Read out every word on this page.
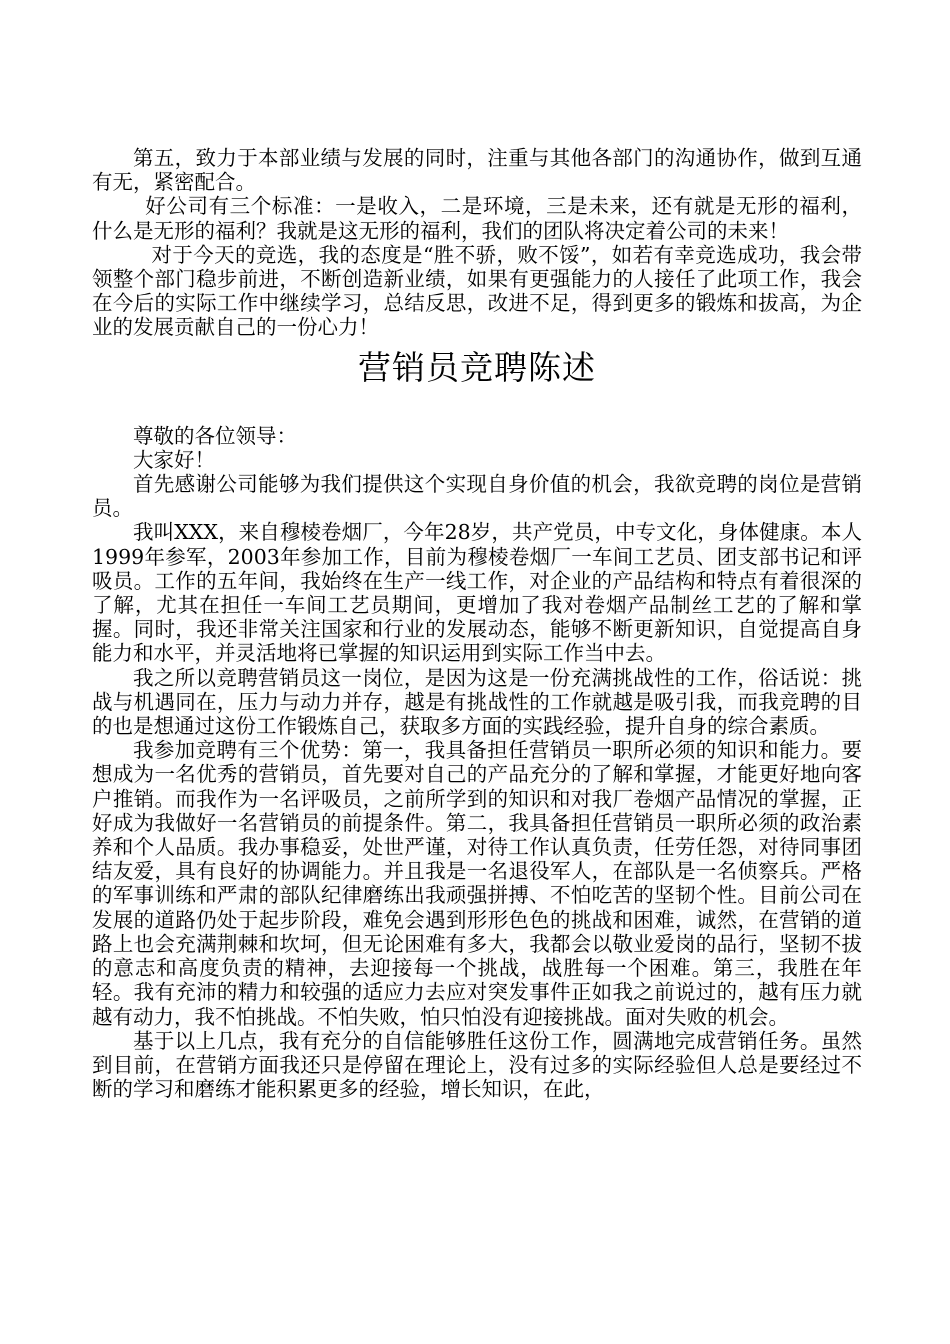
第五，致力于本部业绩与发展的同时，注重与其他各部门的沟通协作，做到互通有无，紧密配合。

好公司有三个标准：一是收入，二是环境，三是未来，还有就是无形的福利，什么是无形的福利？我就是这无形的福利，我们的团队将决定着公司的未来！

对于今天的竞选，我的态度是“胜不骄，败不馁”，如若有幸竞选成功，我会带领整个部门稳步前进，不断创造新业绩，如果有更强能力的人接任了此项工作，我会在今后的实际工作中继续学习，总结反思，改进不足，得到更多的锻炼和拔高，为企业的发展贡献自己的一份心力！

营销员竞聘陈述

尊敬的各位领导：

大家好！

首先感谢公司能够为我们提供这个实现自身价值的机会，我欲竞聘的岗位是营销员。

我叫XXX，来自穆棱卷烟厂，今年28岁，共产党员，中专文化，身体健康。本人1999年参军，2003年参加工作，目前为穆棱卷烟厂一车间工艺员、团支部书记和评吸员。工作的五年间，我始终在生产一线工作，对企业的产品结构和特点有着很深的了解，尤其在担任一车间工艺员期间，更增加了我对卷烟产品制丝工艺的了解和掌握。同时，我还非常关注国家和行业的发展动态，能够不断更新知识，自觉提高自身能力和水平，并灵活地将已掌握的知识运用到实际工作当中去。

我之所以竞聘营销员这一岗位，是因为这是一份充满挑战性的工作，俗话说：挑战与机遇同在，压力与动力并存，越是有挑战性的工作就越是吸引我，而我竞聘的目的也是想通过这份工作锻炼自己，获取多方面的实践经验，提升自身的综合素质。

我参加竞聘有三个优势：第一，我具备担任营销员一职所必须的知识和能力。要想成为一名优秀的营销员，首先要对自己的产品充分的了解和掌握，才能更好地向客户推销。而我作为一名评吸员，之前所学到的知识和对我厂卷烟产品情况的掌握，正好成为我做好一名营销员的前提条件。第二，我具备担任营销员一职所必须的政治素养和个人品质。我办事稳妥，处世严谨，对待工作认真负责，任劳任怨，对待同事团结友爱，具有良好的协调能力。并且我是一名退役军人，在部队是一名侦察兵。严格的军事训练和严肃的部队纪律磨练出我顽强拼搏、不怕吃苦的坚韧个性。目前公司在发展的道路仍处于起步阶段，难免会遇到形形色色的挑战和困难，诚然，在营销的道路上也会充满荆棘和坎坷，但无论困难有多大，我都会以敬业爱岗的品行，坚韧不拔的意志和高度负责的精神，去迎接每一个挑战，战胜每一个困难。第三，我胜在年轻。我有充沛的精力和较强的适应力去应对突发事件正如我之前说过的，越有压力就越有动力，我不怕挑战。不怕失败，怕只怕没有迎接挑战。面对失败的机会。

基于以上几点，我有充分的自信能够胜任这份工作，圆满地完成营销任务。虽然到目前，在营销方面我还只是停留在理论上，没有过多的实际经验但人总是要经过不断的学习和磨练才能积累更多的经验，增长知识，在此，
